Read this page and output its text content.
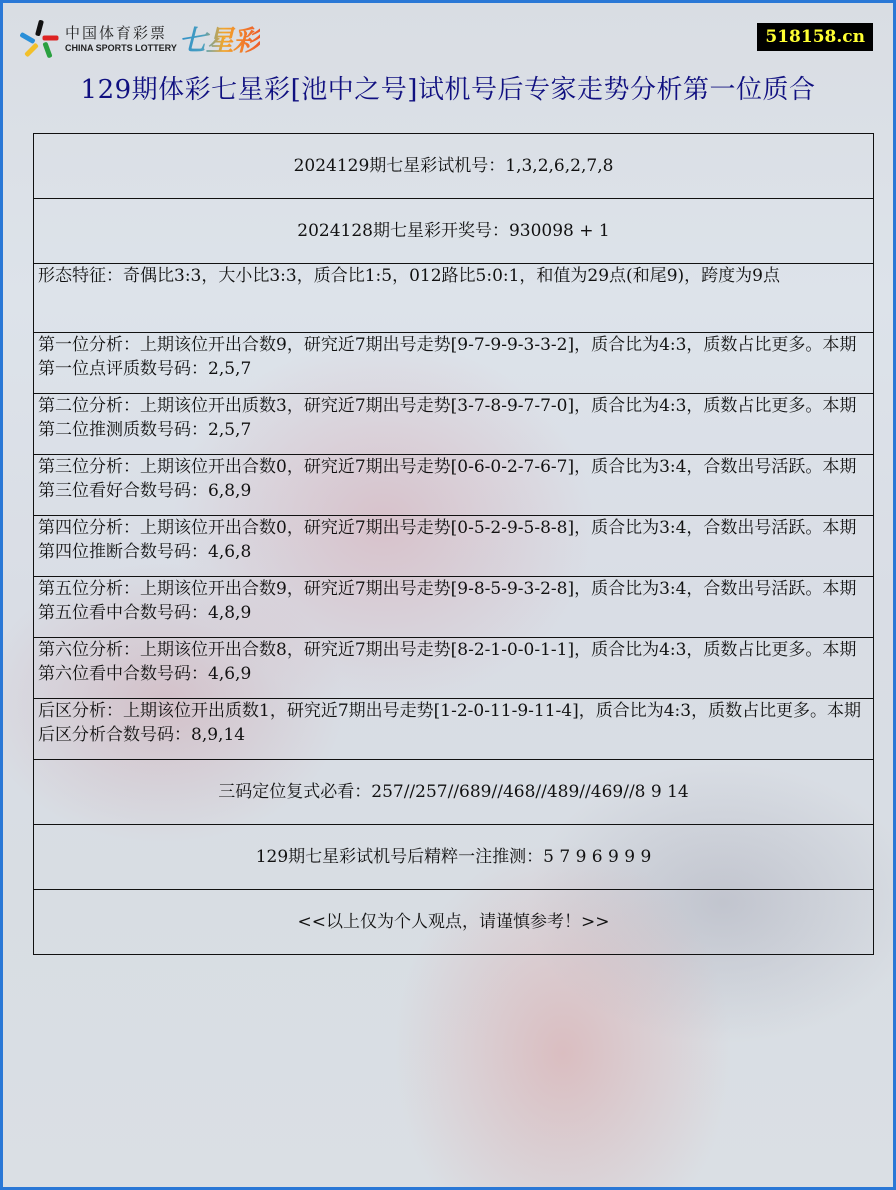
中国体育彩票
CHINA SPORTS LOTTERY 七星彩	518158.cn
129期体彩七星彩[池中之号]试机号后专家走势分析第一位质合
2024129期七星彩试机号：1,3,2,6,2,7,8
2024128期七星彩开奖号：930098 + 1
形态特征：奇偶比3:3，大小比3:3，质合比1:5，012路比5:0:1，和值为29点(和尾9)，跨度为9点
第一位分析：上期该位开出合数9，研究近7期出号走势[9-7-9-9-3-3-2]，质合比为4:3，质数占比更多。本期第一位点评质数号码：2,5,7
第二位分析：上期该位开出质数3，研究近7期出号走势[3-7-8-9-7-7-0]，质合比为4:3，质数占比更多。本期第二位推测质数号码：2,5,7
第三位分析：上期该位开出合数0，研究近7期出号走势[0-6-0-2-7-6-7]，质合比为3:4，合数出号活跃。本期第三位看好合数号码：6,8,9
第四位分析：上期该位开出合数0，研究近7期出号走势[0-5-2-9-5-8-8]，质合比为3:4，合数出号活跃。本期第四位推断合数号码：4,6,8
第五位分析：上期该位开出合数9，研究近7期出号走势[9-8-5-9-3-2-8]，质合比为3:4，合数出号活跃。本期第五位看中合数号码：4,8,9
第六位分析：上期该位开出合数8，研究近7期出号走势[8-2-1-0-0-1-1]，质合比为4:3，质数占比更多。本期第六位看中合数号码：4,6,9
后区分析：上期该位开出质数1，研究近7期出号走势[1-2-0-11-9-11-4]，质合比为4:3，质数占比更多。本期后区分析合数号码：8,9,14
三码定位复式必看：257//257//689//468//489//469//8 9 14
129期七星彩试机号后精粹一注推测：5 7 9 6 9 9 9
<<以上仅为个人观点，请谨慎参考！>>
